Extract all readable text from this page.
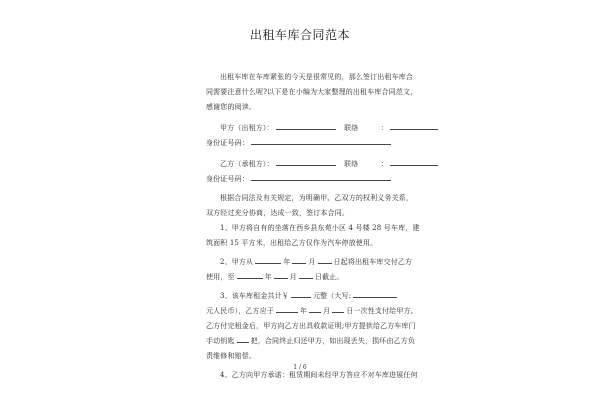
出租车库合同范本
出租车库在车库紧张的今天是很常见的，那么签订出租车库合
同需要注意什么呢?以下是在小编为大家整理的出租车库合同范文，
感谢您的阅读。
甲方（出租方）：	联络	：
身份证号码：
乙方（承租方）：	联络	：
身份证号码：
根据合同法及有关规定，为明确甲、乙双方的权利义务关系，
双方经过充分协商，达成一致，签订本合同。
1、甲方将自有的坐落在西乡县东苑小区 4 号楼 28 号车库，建
筑面积 15 平方米，出租给乙方仅作为汽车停放使用。
2、甲方从	年	月	日起将出租车库交付乙方
使用，至	年	月	日截止。
3、该车库租金共计￥	元整（大写:
元人民币），乙方应于	年 月 日一次性支付给甲方。
乙方付完租金后，甲方向乙方出具收款证明;甲方提供给乙方车库门
手动钥匙 把，合同终止归还甲方，如出现丢失，损坏由乙方负
责维修和赔偿。
4、乙方向甲方承诺：租赁期间未经甲方答应不对车库进展任何
1 / 6
